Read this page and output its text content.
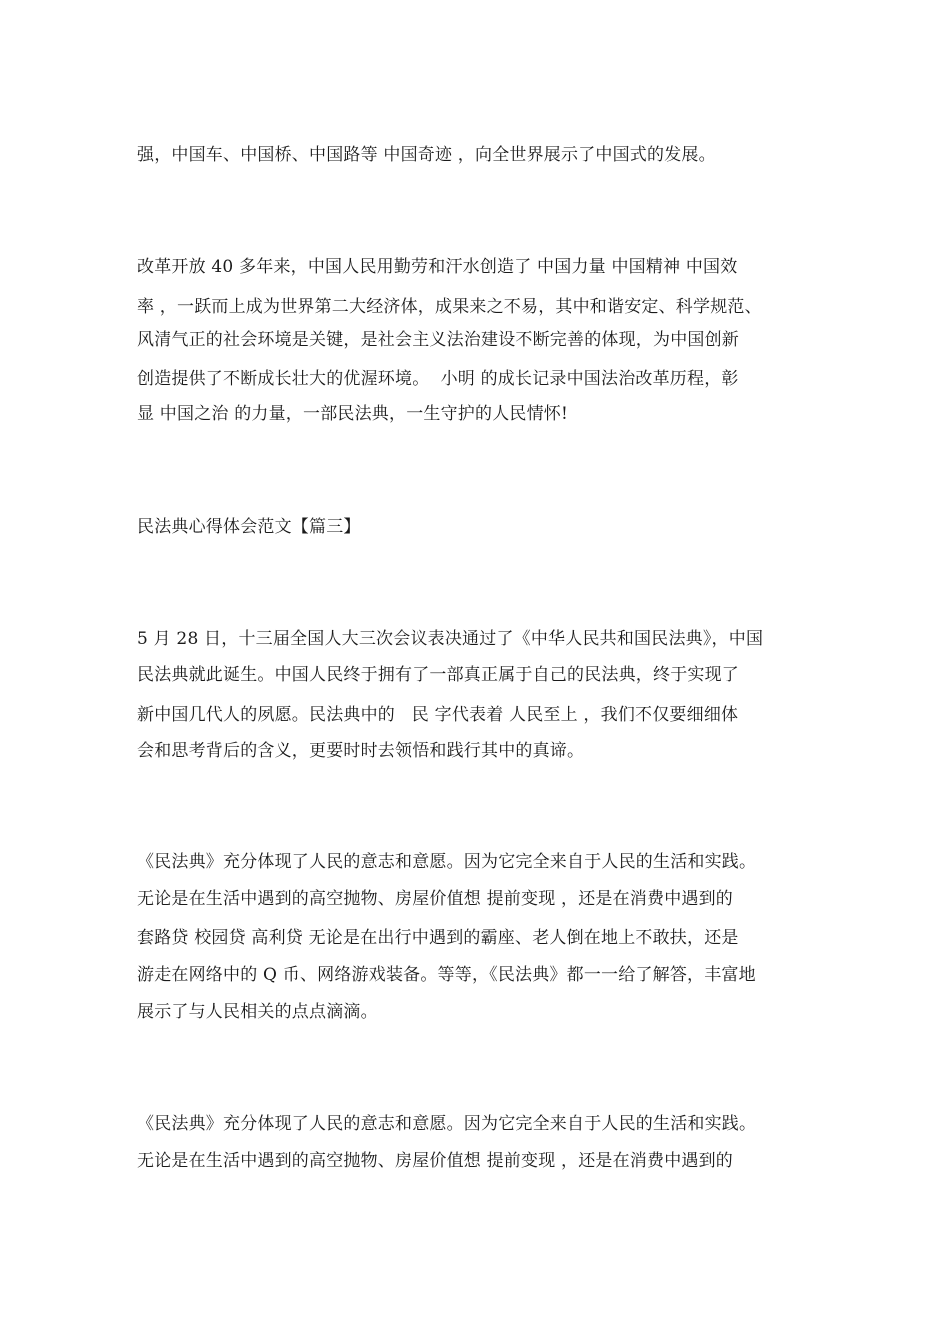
强，中国车、中国桥、中国路等 中国奇迹 ，向全世界展示了中国式的发展。
改革开放 40 多年来，中国人民用勤劳和汗水创造了 中国力量 中国精神 中国效
率 ，一跃而上成为世界第二大经济体，成果来之不易，其中和谐安定、科学规范、
风清气正的社会环境是关键，是社会主义法治建设不断完善的体现，为中国创新
创造提供了不断成长壮大的优渥环境。  小明 的成长记录中国法治改革历程，彰
显 中国之治 的力量，一部民法典，一生守护的人民情怀!
民法典心得体会范文【篇三】
5 月 28 日，十三届全国人大三次会议表决通过了《中华人民共和国民法典》，中国
民法典就此诞生。中国人民终于拥有了一部真正属于自己的民法典，终于实现了
新中国几代人的夙愿。民法典中的   民 字代表着 人民至上 ，我们不仅要细细体
会和思考背后的含义，更要时时去领悟和践行其中的真谛。
《民法典》充分体现了人民的意志和意愿。因为它完全来自于人民的生活和实践。
无论是在生活中遇到的高空抛物、房屋价值想 提前变现 ，还是在消费中遇到的
套路贷 校园贷 高利贷 无论是在出行中遇到的霸座、老人倒在地上不敢扶，还是
游走在网络中的 Q 币、网络游戏装备。等等，《民法典》都一一给了解答，丰富地
展示了与人民相关的点点滴滴。
《民法典》充分体现了人民的意志和意愿。因为它完全来自于人民的生活和实践。
无论是在生活中遇到的高空抛物、房屋价值想 提前变现 ，还是在消费中遇到的
